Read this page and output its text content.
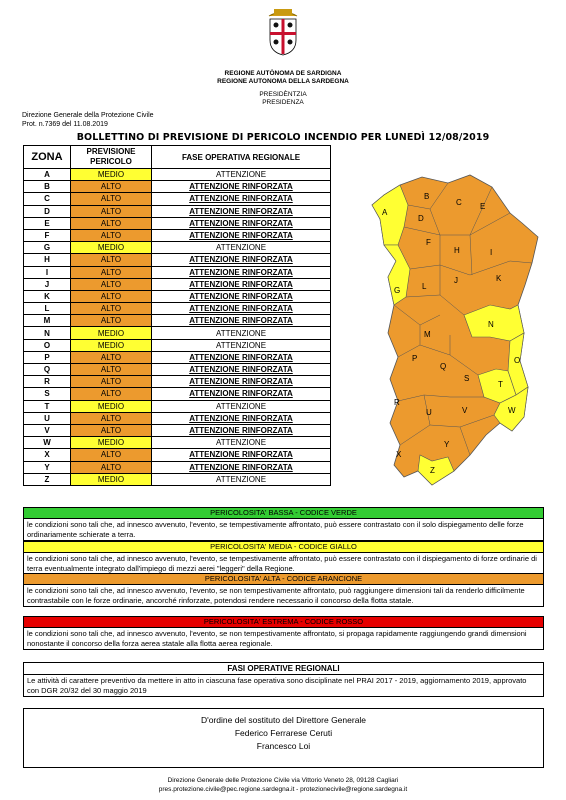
REGIONE AUTÒNOMA DE SARDIGNA
REGIONE AUTONOMA DELLA SARDEGNA
PRESIDÈNTZIA
PRESIDENZA
Direzione Generale della Protezione Civile
Prot. n.7369 del 11.08.2019
BOLLETTINO DI PREVISIONE DI PERICOLO INCENDIO PER LUNEDÌ 12/08/2019
ZONA	PREVISIONE PERICOLO	FASE OPERATIVA REGIONALE
A	MEDIO	ATTENZIONE
B	ALTO	ATTENZIONE RINFORZATA
C	ALTO	ATTENZIONE RINFORZATA
D	ALTO	ATTENZIONE RINFORZATA
E	ALTO	ATTENZIONE RINFORZATA
F	ALTO	ATTENZIONE RINFORZATA
G	MEDIO	ATTENZIONE
H	ALTO	ATTENZIONE RINFORZATA
I	ALTO	ATTENZIONE RINFORZATA
J	ALTO	ATTENZIONE RINFORZATA
K	ALTO	ATTENZIONE RINFORZATA
L	ALTO	ATTENZIONE RINFORZATA
M	ALTO	ATTENZIONE RINFORZATA
N	MEDIO	ATTENZIONE
O	MEDIO	ATTENZIONE
P	ALTO	ATTENZIONE RINFORZATA
Q	ALTO	ATTENZIONE RINFORZATA
R	ALTO	ATTENZIONE RINFORZATA
S	ALTO	ATTENZIONE RINFORZATA
T	MEDIO	ATTENZIONE
U	ALTO	ATTENZIONE RINFORZATA
V	ALTO	ATTENZIONE RINFORZATA
W	MEDIO	ATTENZIONE
X	ALTO	ATTENZIONE RINFORZATA
Y	ALTO	ATTENZIONE RINFORZATA
Z	MEDIO	ATTENZIONE
A
B
C
D
E
F
G
H	I
J	K
L
M
N
O
P
Q
R
S
T
U	V	W
X
Y
Z
PERICOLOSITA' BASSA - CODICE VERDE
le condizioni sono tali che, ad innesco avvenuto, l'evento, se tempestivamente affrontato, può essere contrastato con il solo dispiegamento delle forze ordinariamente schierate a terra.
PERICOLOSITA' MEDIA - CODICE GIALLO
le condizioni sono tali che, ad innesco avvenuto, l'evento, se tempestivamente affrontato, può essere contrastato con il dispiegamento di forze ordinarie di terra eventualmente integrato dall'impiego di mezzi aerei "leggeri" della Regione.
PERICOLOSITA' ALTA - CODICE ARANCIONE
le condizioni sono tali che, ad innesco avvenuto, l'evento, se non tempestivamente affrontato, può raggiungere dimensioni tali da renderlo difficilmente contrastabile con le forze ordinarie, ancorché rinforzate, potendosi rendere necessario il concorso della flotta statale.
PERICOLOSITA' ESTREMA - CODICE ROSSO
le condizioni sono tali che, ad innesco avvenuto, l'evento, se non tempestivamente affrontato, si propaga rapidamente raggiungendo grandi dimensioni nonostante il concorso della forza aerea statale alla flotta aerea regionale.
FASI OPERATIVE REGIONALI
Le attività di carattere preventivo da mettere in atto in ciascuna fase operativa sono disciplinate nel PRAI 2017 - 2019, aggiornamento 2019, approvato con DGR 20/32 del 30 maggio 2019
D'ordine del sostituto del Direttore Generale
Federico Ferrarese Ceruti
Francesco Loi
Direzione Generale delle Protezione Civile via Vittorio Veneto 28, 09128 Cagliari
pres.protezione.civile@pec.regione.sardegna.it - protezionecivile@regione.sardegna.it
